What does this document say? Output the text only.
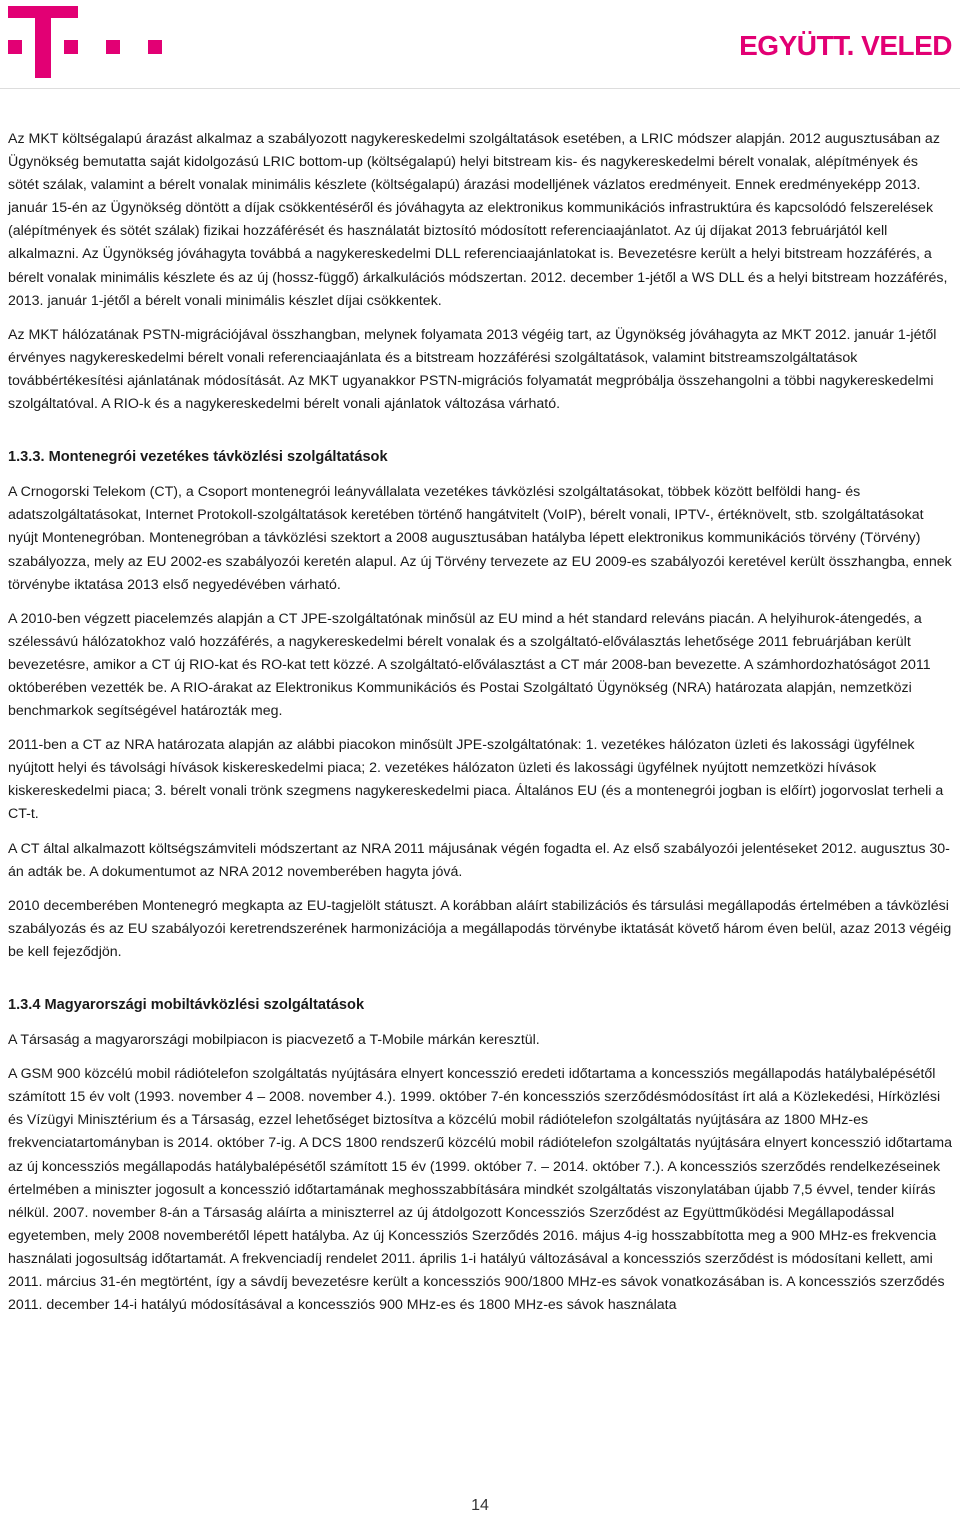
EGYÜTT. VELED

Az MKT költségalapú árazást alkalmaz a szabályozott nagykereskedelmi szolgáltatások esetében, a LRIC módszer alapján. 2012 augusztusában az Ügynökség bemutatta saját kidolgozású LRIC bottom-up (költségalapú) helyi bitstream kis- és nagykereskedelmi bérelt vonalak, alépítmények és sötét szálak, valamint a bérelt vonalak minimális készlete (költségalapú) árazási modelljének vázlatos eredményeit. Ennek eredményeképp 2013. január 15-én az Ügynökség döntött a díjak csökkentéséről és jóváhagyta az elektronikus kommunikációs infrastruktúra és kapcsolódó felszerelések (alépítmények és sötét szálak) fizikai hozzáférését és használatát biztosító módosított referenciaajánlatot. Az új díjakat 2013 februárjától kell alkalmazni. Az Ügynökség jóváhagyta továbbá a nagykereskedelmi DLL referenciaajánlatokat is. Bevezetésre került a helyi bitstream hozzáférés, a bérelt vonalak minimális készlete és az új (hossz-függő) árkalkulációs módszertan. 2012. december 1-jétől a WS DLL és a helyi bitstream hozzáférés, 2013. január 1-jétől a bérelt vonali minimális készlet díjai csökkentek.

Az MKT hálózatának PSTN-migrációjával összhangban, melynek folyamata 2013 végéig tart, az Ügynökség jóváhagyta az MKT 2012. január 1-jétől érvényes nagykereskedelmi bérelt vonali referenciaajánlata és a bitstream hozzáférési szolgáltatások, valamint bitstreamszolgáltatások továbbértékesítési ajánlatának módosítását. Az MKT ugyanakkor PSTN-migrációs folyamatát megpróbálja összehangolni a többi nagykereskedelmi szolgáltatóval. A RIO-k és a nagykereskedelmi bérelt vonali ajánlatok változása várható.

1.3.3. Montenegrói vezetékes távközlési szolgáltatások

A Crnogorski Telekom (CT), a Csoport montenegrói leányvállalata vezetékes távközlési szolgáltatásokat, többek között belföldi hang- és adatszolgáltatásokat, Internet Protokoll-szolgáltatások keretében történő hangátvitelt (VoIP), bérelt vonali, IPTV-, értéknövelt, stb. szolgáltatásokat nyújt Montenegróban. Montenegróban a távközlési szektort a 2008 augusztusában hatályba lépett elektronikus kommunikációs törvény (Törvény) szabályozza, mely az EU 2002-es szabályozói keretén alapul. Az új Törvény tervezete az EU 2009-es szabályozói keretével került összhangba, ennek törvénybe iktatása 2013 első negyedévében várható.

A 2010-ben végzett piacelemzés alapján a CT JPE-szolgáltatónak minősül az EU mind a hét standard releváns piacán. A helyihurok-átengedés, a szélessávú hálózatokhoz való hozzáférés, a nagykereskedelmi bérelt vonalak és a szolgáltató-előválasztás lehetősége 2011 februárjában került bevezetésre, amikor a CT új RIO-kat és RO-kat tett közzé. A szolgáltató-előválasztást a CT már 2008-ban bevezette. A számhordozhatóságot 2011 októberében vezették be. A RIO-árakat az Elektronikus Kommunikációs és Postai Szolgáltató Ügynökség (NRA) határozata alapján, nemzetközi benchmarkok segítségével határozták meg.

2011-ben a CT az NRA határozata alapján az alábbi piacokon minősült JPE-szolgáltatónak: 1. vezetékes hálózaton üzleti és lakossági ügyfélnek nyújtott helyi és távolsági hívások kiskereskedelmi piaca; 2. vezetékes hálózaton üzleti és lakossági ügyfélnek nyújtott nemzetközi hívások kiskereskedelmi piaca; 3. bérelt vonali trönk szegmens nagykereskedelmi piaca. Általános EU (és a montenegrói jogban is előírt) jogorvoslat terheli a CT-t.

A CT által alkalmazott költségszámviteli módszertant az NRA 2011 májusának végén fogadta el. Az első szabályozói jelentéseket 2012. augusztus 30-án adták be. A dokumentumot az NRA 2012 novemberében hagyta jóvá.

2010 decemberében Montenegró megkapta az EU-tagjelölt státuszt. A korábban aláírt stabilizációs és társulási megállapodás értelmében a távközlési szabályozás és az EU szabályozói keretrendszerének harmonizációja a megállapodás törvénybe iktatását követő három éven belül, azaz 2013 végéig be kell fejeződjön.

1.3.4 Magyarországi mobiltávközlési szolgáltatások

A Társaság a magyarországi mobilpiacon is piacvezető a T-Mobile márkán keresztül.

A GSM 900 közcélú mobil rádiótelefon szolgáltatás nyújtására elnyert koncesszió eredeti időtartama a koncessziós megállapodás hatálybalépésétől számított 15 év volt (1993. november 4 – 2008. november 4.). 1999. október 7-én koncessziós szerződésmódosítást írt alá a Közlekedési, Hírközlési és Vízügyi Minisztérium és a Társaság, ezzel lehetőséget biztosítva a közcélú mobil rádiótelefon szolgáltatás nyújtására az 1800 MHz-es frekvenciatartományban is 2014. október 7-ig. A DCS 1800 rendszerű közcélú mobil rádiótelefon szolgáltatás nyújtására elnyert koncesszió időtartama az új koncessziós megállapodás hatálybalépésétől számított 15 év (1999. október 7. – 2014. október 7.). A koncessziós szerződés rendelkezéseinek értelmében a miniszter jogosult a koncesszió időtartamának meghosszabbítására mindkét szolgáltatás viszonylatában újabb 7,5 évvel, tender kiírás nélkül. 2007. november 8-án a Társaság aláírta a miniszterrel az új átdolgozott Koncessziós Szerződést az Együttműködési Megállapodással egyetemben, mely 2008 novemberétől lépett hatályba. Az új Koncessziós Szerződés 2016. május 4-ig hosszabbította meg a 900 MHz-es frekvencia használati jogosultság időtartamát. A frekvenciadíj rendelet 2011. április 1-i hatályú változásával a koncessziós szerződést is módosítani kellett, ami 2011. március 31-én megtörtént, így a sávdíj bevezetésre került a koncessziós 900/1800 MHz-es sávok vonatkozásában is. A koncessziós szerződés 2011. december 14-i hatályú módosításával a koncessziós 900 MHz-es és 1800 MHz-es sávok használata

14
